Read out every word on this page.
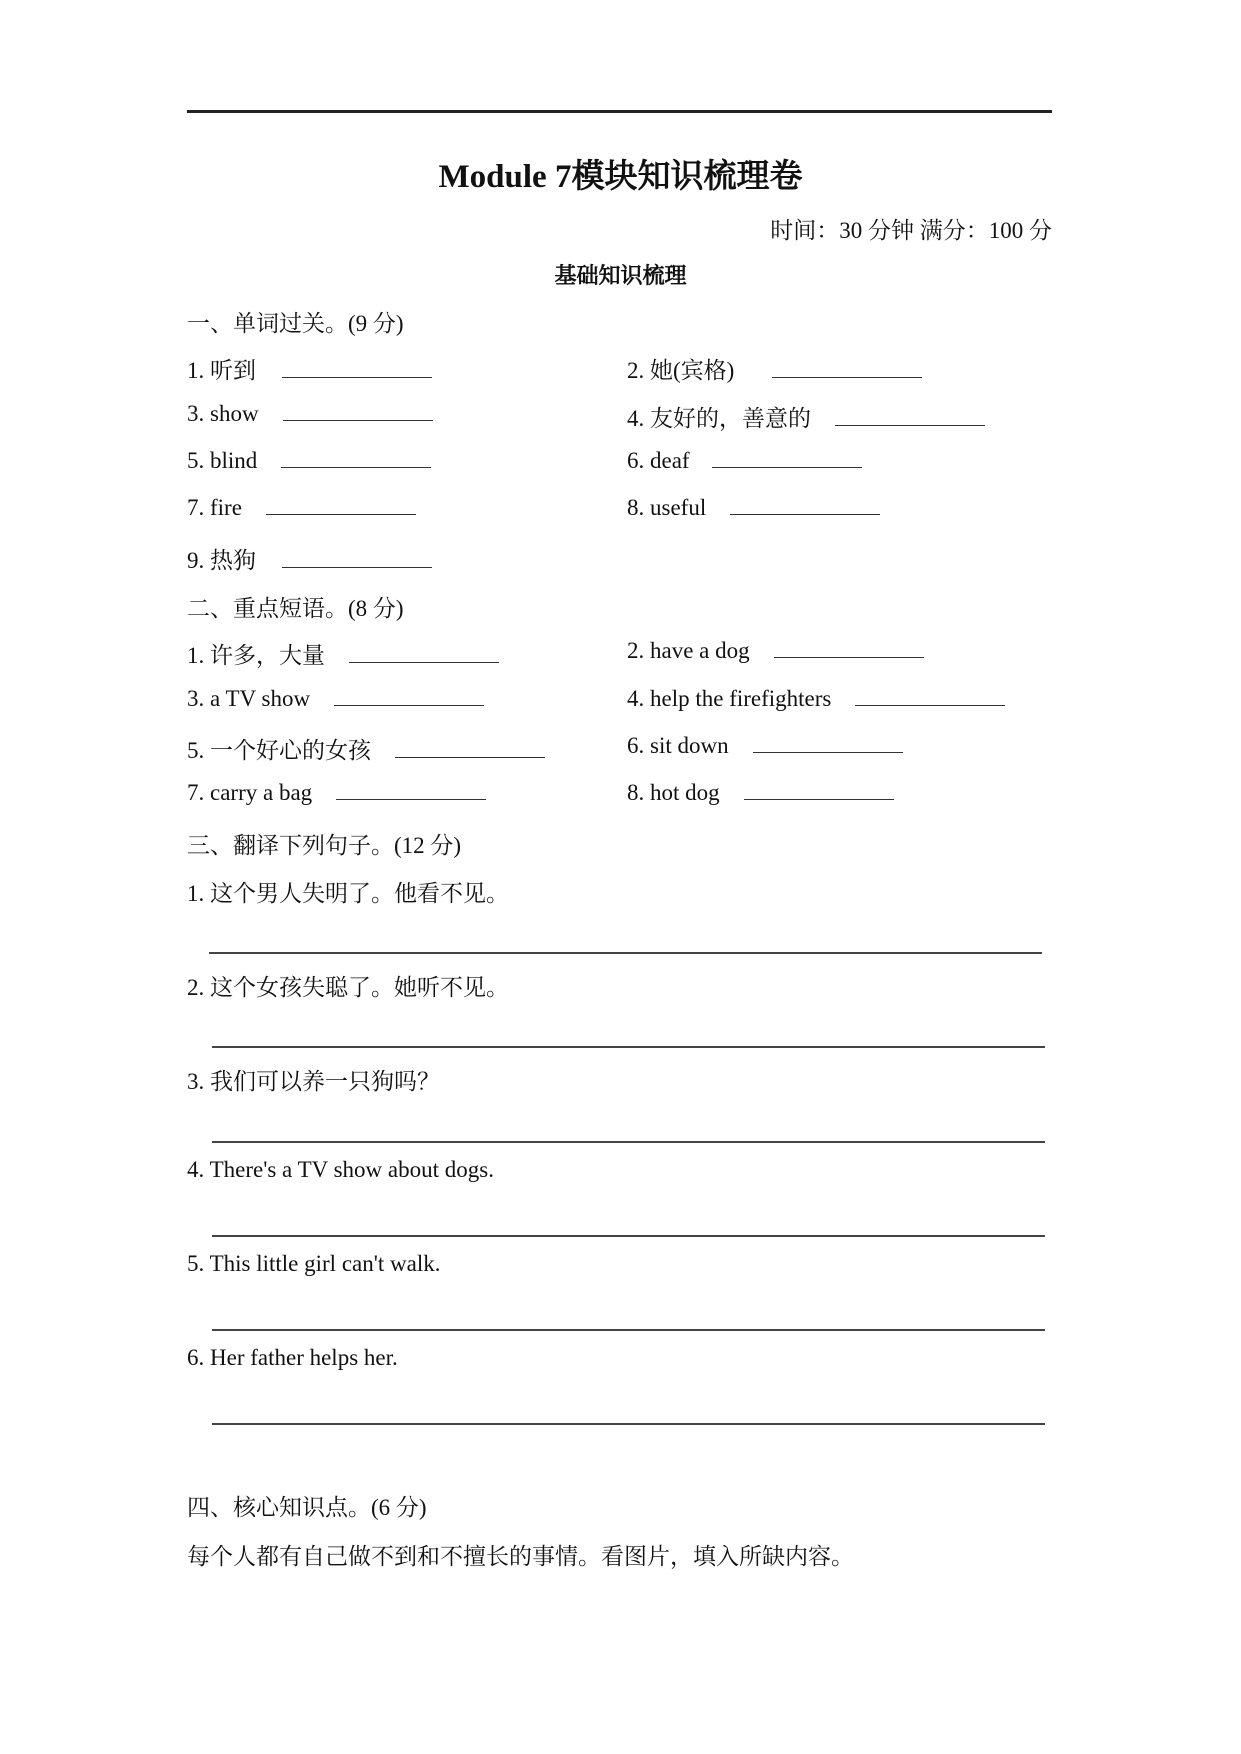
Module 7模块知识梳理卷
时间：30 分钟 满分：100 分
基础知识梳理
一、单词过关。(9 分)
1. 听到	2. 她(宾格)
3. show	4. 友好的，善意的
5. blind	6. deaf
7. fire	8. useful
9. 热狗
二、重点短语。(8 分)
1. 许多，大量	2. have a dog
3. a TV show	4. help the firefighters
5. 一个好心的女孩	6. sit down
7. carry a bag	8. hot dog
三、翻译下列句子。(12 分)
1. 这个男人失明了。他看不见。
2. 这个女孩失聪了。她听不见。
3. 我们可以养一只狗吗？
4. There's a TV show about dogs.
5. This little girl can't walk.
6. Her father helps her.
四、核心知识点。(6 分)
每个人都有自己做不到和不擅长的事情。看图片，填入所缺内容。
